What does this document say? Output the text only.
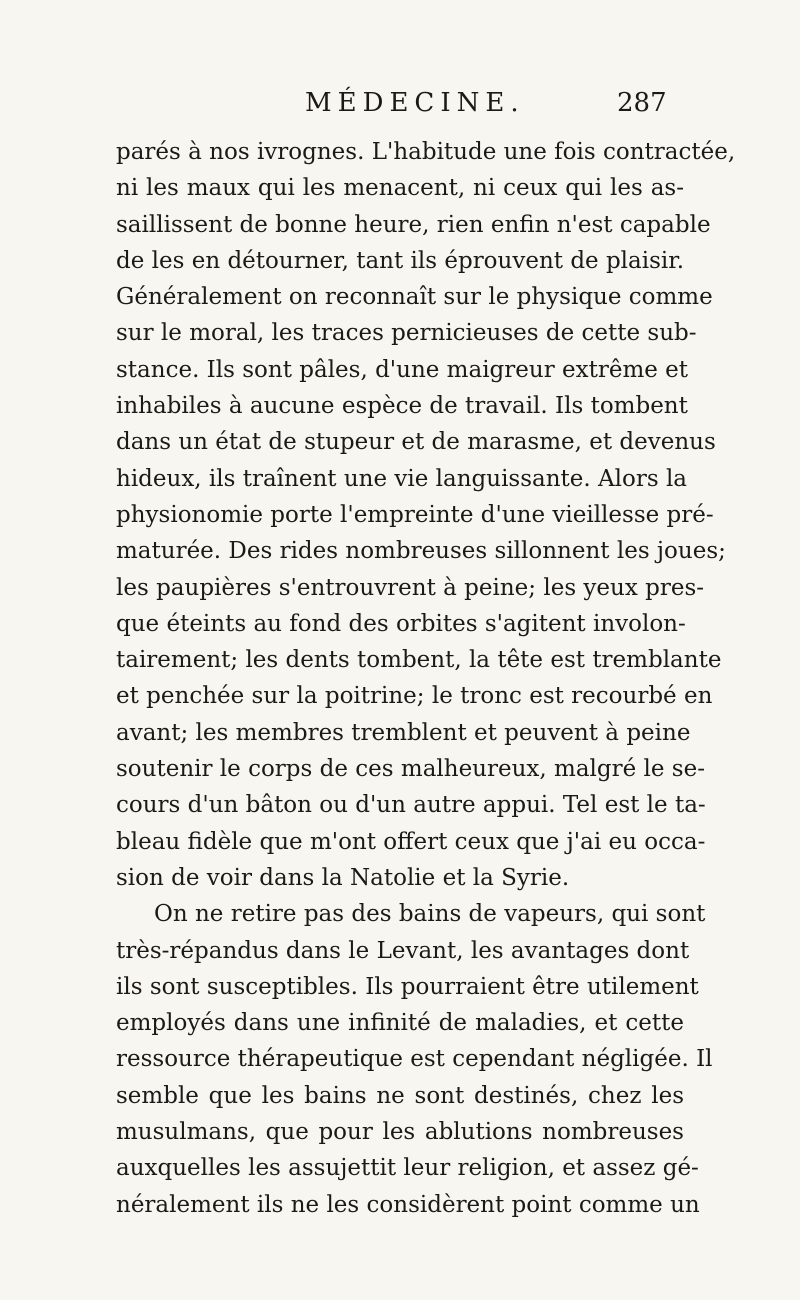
MÉDECINE.	287
parés à nos ivrognes. L'habitude une fois contractée,
ni les maux qui les menacent, ni ceux qui les as-
saillissent de bonne heure, rien enfin n'est capable
de les en détourner, tant ils éprouvent de plaisir.
Généralement on reconnaît sur le physique comme
sur le moral, les traces pernicieuses de cette sub-
stance. Ils sont pâles, d'une maigreur extrême et
inhabiles à aucune espèce de travail. Ils tombent
dans un état de stupeur et de marasme, et devenus
hideux, ils traînent une vie languissante. Alors la
physionomie porte l'empreinte d'une vieillesse pré-
maturée. Des rides nombreuses sillonnent les joues;
les paupières s'entrouvrent à peine; les yeux pres-
que éteints au fond des orbites s'agitent involon-
tairement; les dents tombent, la tête est tremblante
et penchée sur la poitrine; le tronc est recourbé en
avant; les membres tremblent et peuvent à peine
soutenir le corps de ces malheureux, malgré le se-
cours d'un bâton ou d'un autre appui. Tel est le ta-
bleau fidèle que m'ont offert ceux que j'ai eu occa-
sion de voir dans la Natolie et la Syrie.
On ne retire pas des bains de vapeurs, qui sont
très-répandus dans le Levant, les avantages dont
ils sont susceptibles. Ils pourraient être utilement
employés dans une infinité de maladies, et cette
ressource thérapeutique est cependant négligée. Il
semble que les bains ne sont destinés, chez les
musulmans, que pour les ablutions nombreuses
auxquelles les assujettit leur religion, et assez gé-
néralement ils ne les considèrent point comme un
